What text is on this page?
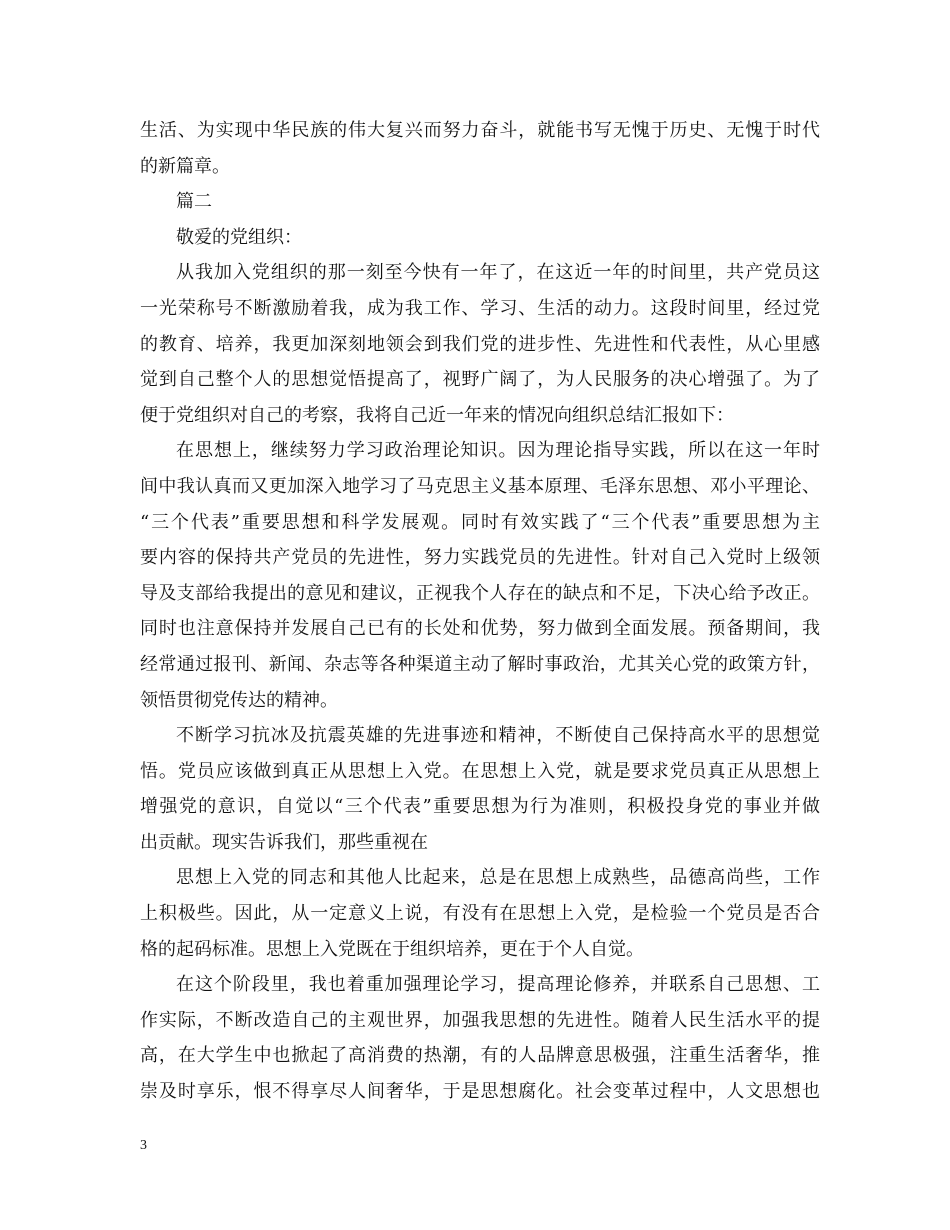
生活、为实现中华民族的伟大复兴而努力奋斗，就能书写无愧于历史、无愧于时代
的新篇章。
篇二
敬爱的党组织：
从我加入党组织的那一刻至今快有一年了，在这近一年的时间里，共产党员这
一光荣称号不断激励着我，成为我工作、学习、生活的动力。这段时间里，经过党
的教育、培养，我更加深刻地领会到我们党的进步性、先进性和代表性，从心里感
觉到自己整个人的思想觉悟提高了，视野广阔了，为人民服务的决心增强了。为了
便于党组织对自己的考察，我将自己近一年来的情况向组织总结汇报如下：
在思想上，继续努力学习政治理论知识。因为理论指导实践，所以在这一年时
间中我认真而又更加深入地学习了马克思主义基本原理、毛泽东思想、邓小平理论、
“三个代表”重要思想和科学发展观。同时有效实践了“三个代表”重要思想为主
要内容的保持共产党员的先进性，努力实践党员的先进性。针对自己入党时上级领
导及支部给我提出的意见和建议，正视我个人存在的缺点和不足，下决心给予改正。
同时也注意保持并发展自己已有的长处和优势，努力做到全面发展。预备期间，我
经常通过报刊、新闻、杂志等各种渠道主动了解时事政治，尤其关心党的政策方针，
领悟贯彻党传达的精神。
不断学习抗冰及抗震英雄的先进事迹和精神，不断使自己保持高水平的思想觉
悟。党员应该做到真正从思想上入党。在思想上入党，就是要求党员真正从思想上
增强党的意识，自觉以“三个代表”重要思想为行为准则，积极投身党的事业并做
出贡献。现实告诉我们，那些重视在
思想上入党的同志和其他人比起来，总是在思想上成熟些，品德高尚些，工作
上积极些。因此，从一定意义上说，有没有在思想上入党，是检验一个党员是否合
格的起码标准。思想上入党既在于组织培养，更在于个人自觉。
在这个阶段里，我也着重加强理论学习，提高理论修养，并联系自己思想、工
作实际，不断改造自己的主观世界，加强我思想的先进性。随着人民生活水平的提
高，在大学生中也掀起了高消费的热潮，有的人品牌意思极强，注重生活奢华，推
崇及时享乐，恨不得享尽人间奢华，于是思想腐化。社会变革过程中，人文思想也
3
